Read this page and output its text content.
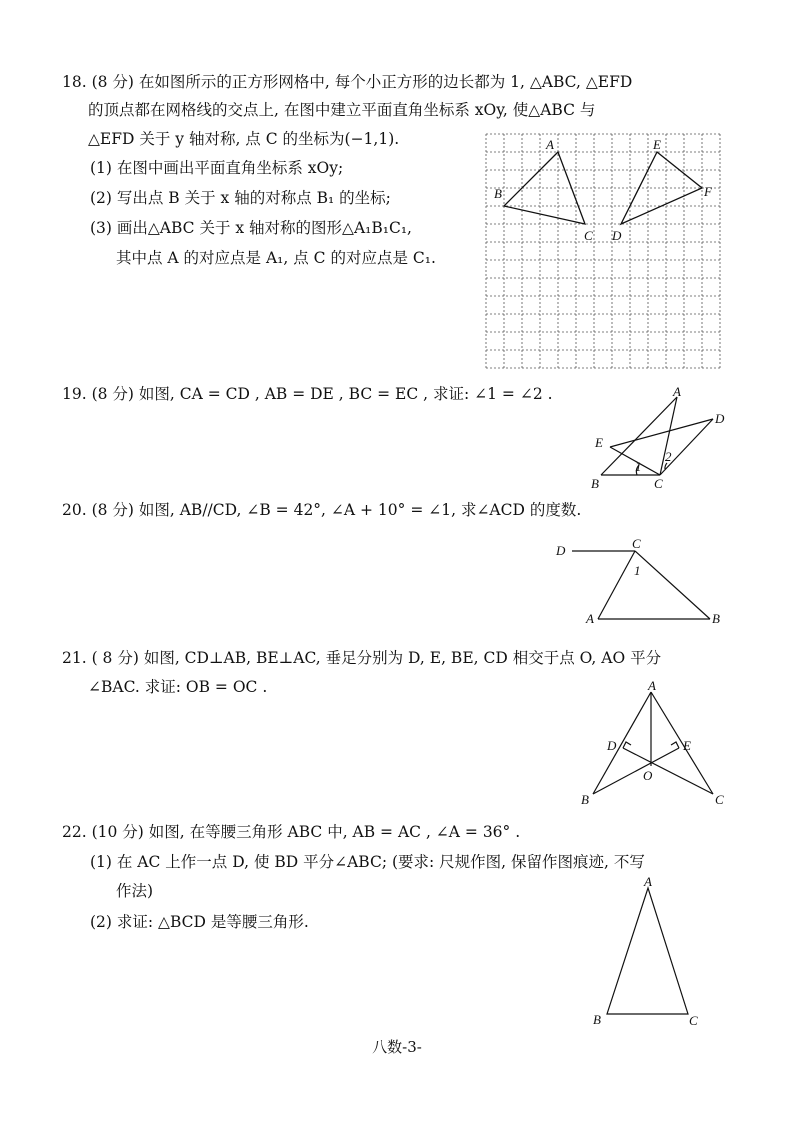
18. (8 分) 在如图所示的正方形网格中, 每个小正方形的边长都为 1, △ABC, △EFD
的顶点都在网格线的交点上, 在图中建立平面直角坐标系 xOy, 使△ABC 与
△EFD 关于 y 轴对称, 点 C 的坐标为(−1,1).
(1) 在图中画出平面直角坐标系 xOy;
(2) 写出点 B 关于 x 轴的对称点 B₁ 的坐标;
(3) 画出△ABC 关于 x 轴对称的图形△A₁B₁C₁,
其中点 A 的对应点是 A₁, 点 C 的对应点是 C₁.
A
B
C
E
F
D
19. (8 分) 如图, CA = CD , AB = DE , BC = EC , 求证: ∠1 = ∠2 .	A
D
E
B	C
1
2
20. (8 分) 如图, AB//CD, ∠B = 42°, ∠A + 10° = ∠1, 求∠ACD 的度数.
D	C
1
A	B
21. ( 8 分) 如图, CD⊥AB, BE⊥AC, 垂足分别为 D, E, BE, CD 相交于点 O, AO 平分
∠BAC. 求证: OB = OC .	A
D	E
O
B	C
22. (10 分) 如图, 在等腰三角形 ABC 中, AB = AC , ∠A = 36° .
(1) 在 AC 上作一点 D, 使 BD 平分∠ABC; (要求: 尺规作图, 保留作图痕迹, 不写
作法)
(2) 求证: △BCD 是等腰三角形.
A
B	C
八数-3-
